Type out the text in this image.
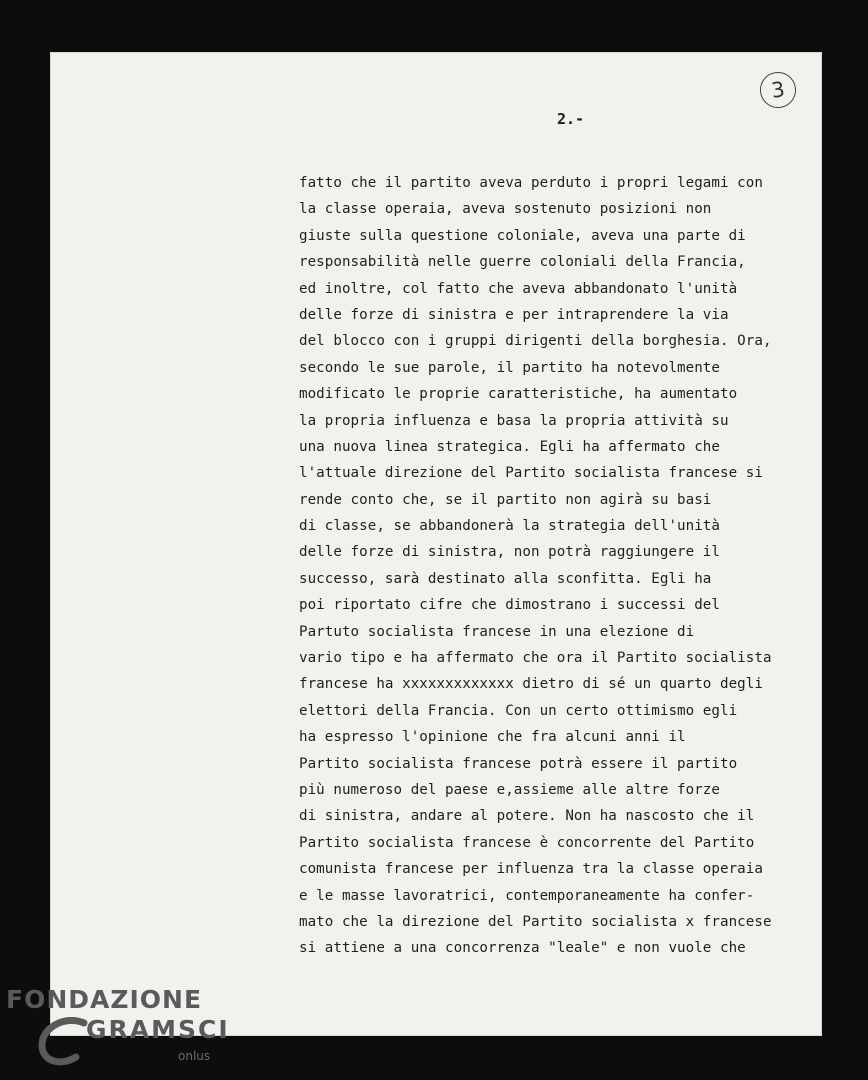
3
2.-
fatto che il partito aveva perduto i propri legami con
la classe operaia, aveva sostenuto posizioni non
giuste sulla questione coloniale, aveva una parte di
responsabilità nelle guerre coloniali della Francia,
ed inoltre, col fatto che aveva abbandonato l'unità
delle forze di sinistra e per intraprendere la via
del blocco con i gruppi dirigenti della borghesia. Ora,
secondo le sue parole, il partito ha notevolmente
modificato le proprie caratteristiche, ha aumentato
la propria influenza e basa la propria attività su
una nuova linea strategica. Egli ha affermato che
l'attuale direzione del Partito socialista francese si
rende conto che, se il partito non agirà su basi
di classe, se abbandonerà la strategia dell'unità
delle forze di sinistra, non potrà raggiungere il
successo, sarà destinato alla sconfitta. Egli ha
poi riportato cifre che dimostrano i successi del
Partuto socialista francese in una elezione di
vario tipo e ha affermato che ora il Partito socialista
francese ha xxxxxxxxxxxxx dietro di sé un quarto degli
elettori della Francia. Con un certo ottimismo egli
ha espresso l'opinione che fra alcuni anni il
Partito socialista francese potrà essere il partito
più numeroso del paese e,assieme alle altre forze
di sinistra, andare al potere. Non ha nascosto che il
Partito socialista francese è concorrente del Partito
comunista francese per influenza tra la classe operaia
e le masse lavoratrici, contemporaneamente ha confer-
mato che la direzione del Partito socialista x francese
si attiene a una concorrenza "leale" e non vuole che
FONDAZIONE
GRAMSCI
onlus
